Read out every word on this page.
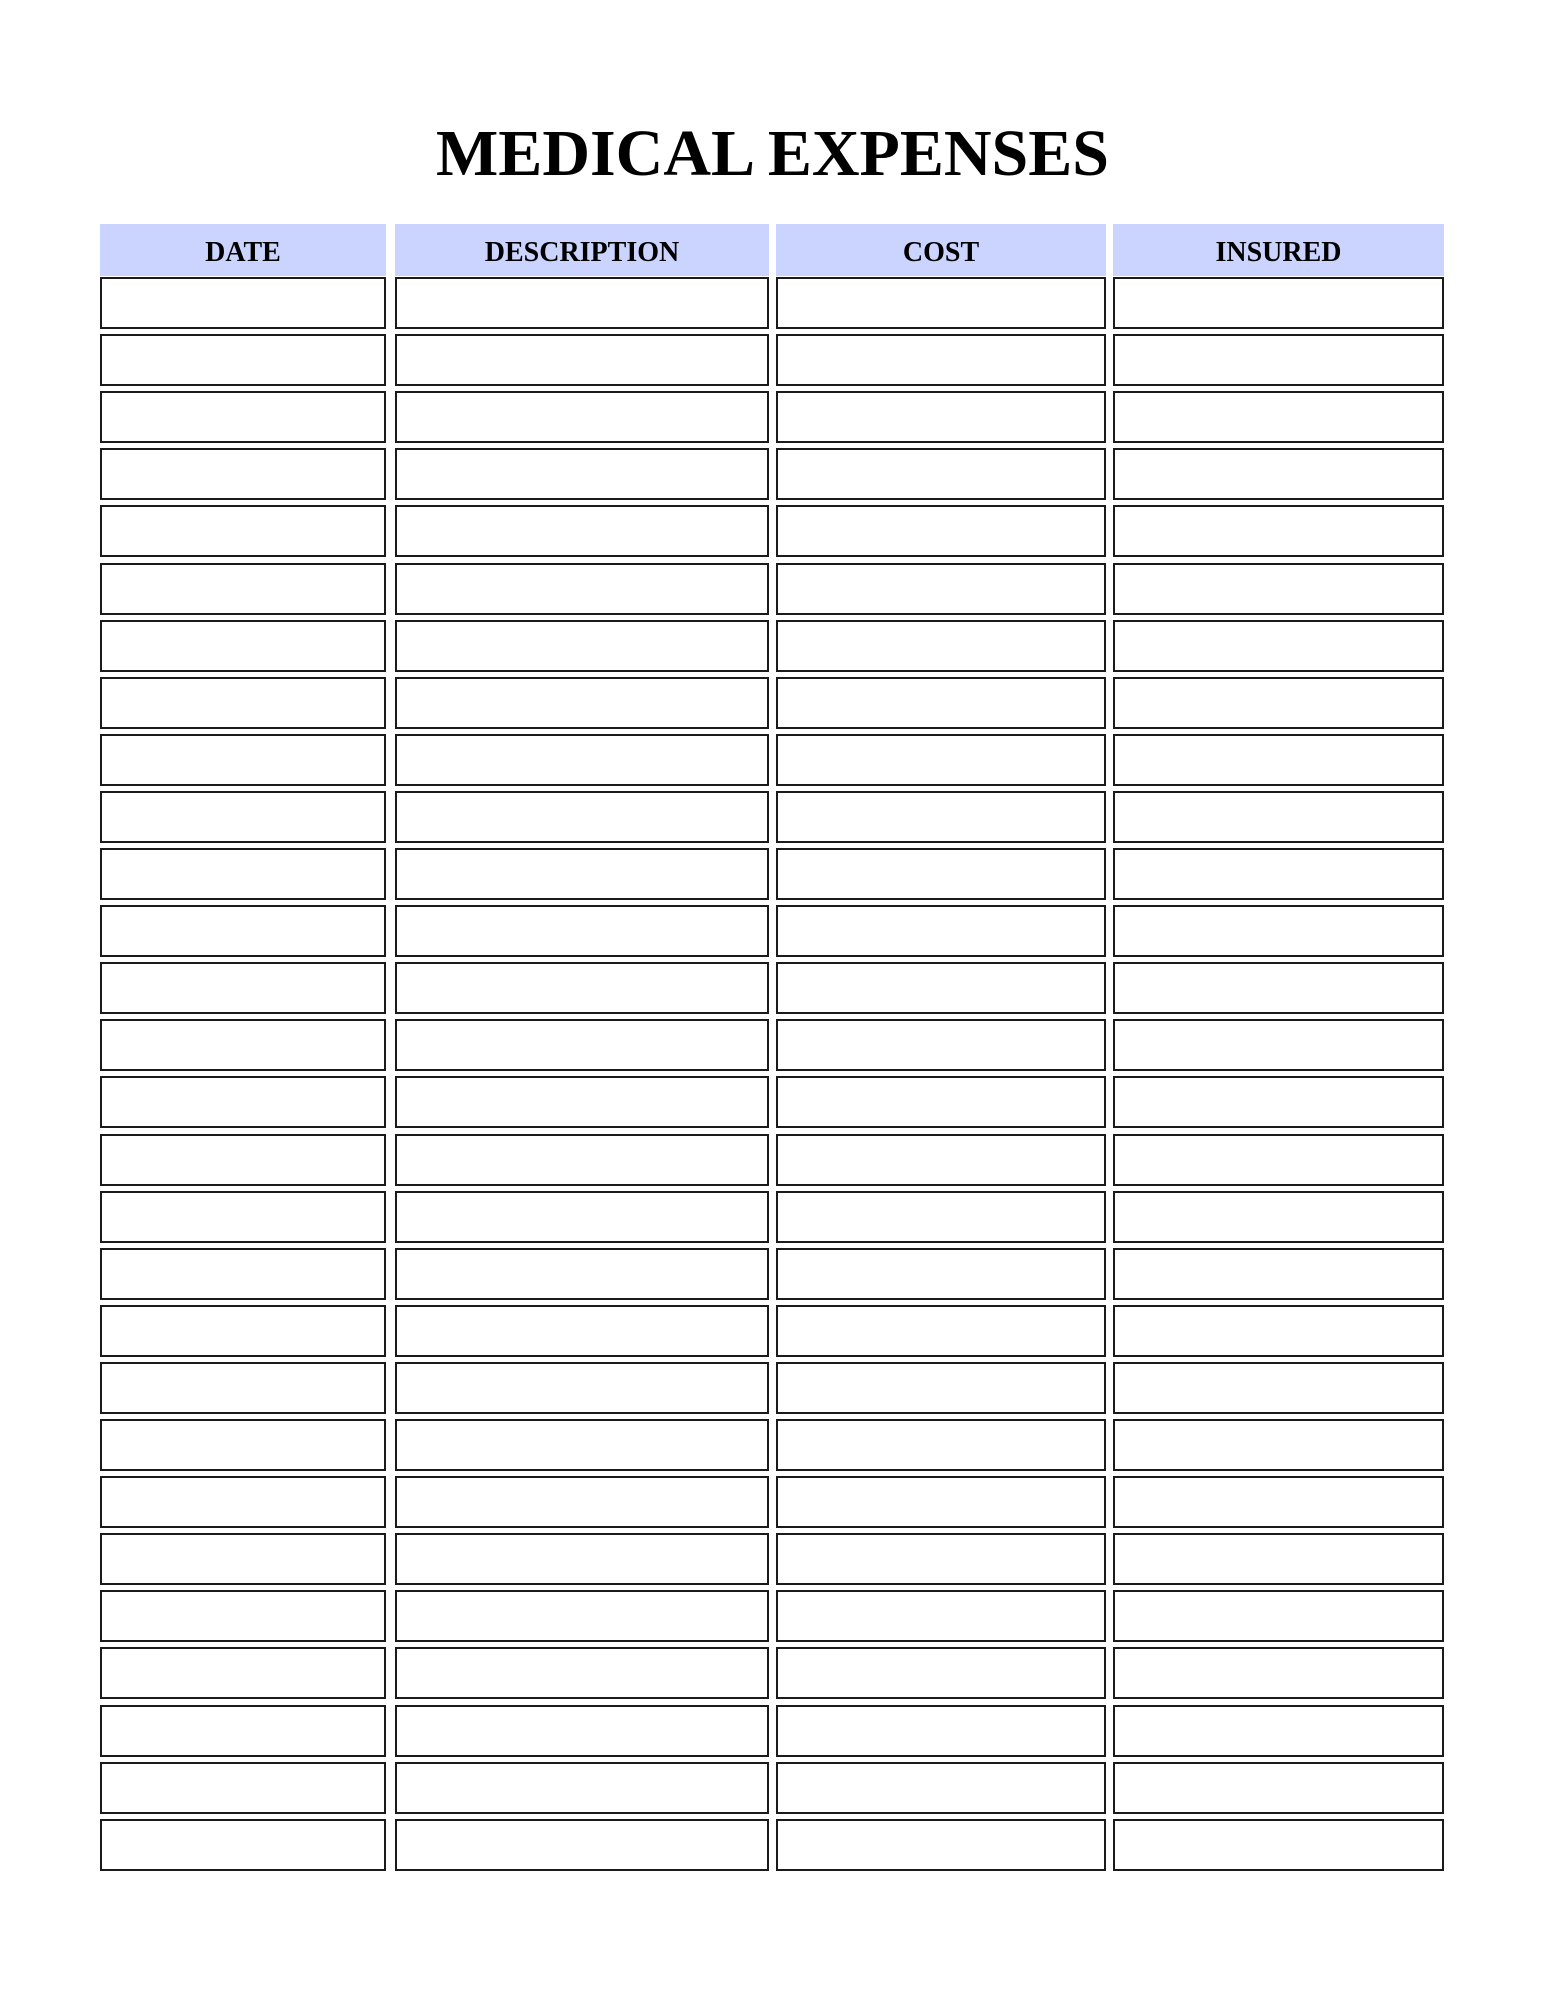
MEDICAL EXPENSES
DATE	DESCRIPTION	COST	INSURED
